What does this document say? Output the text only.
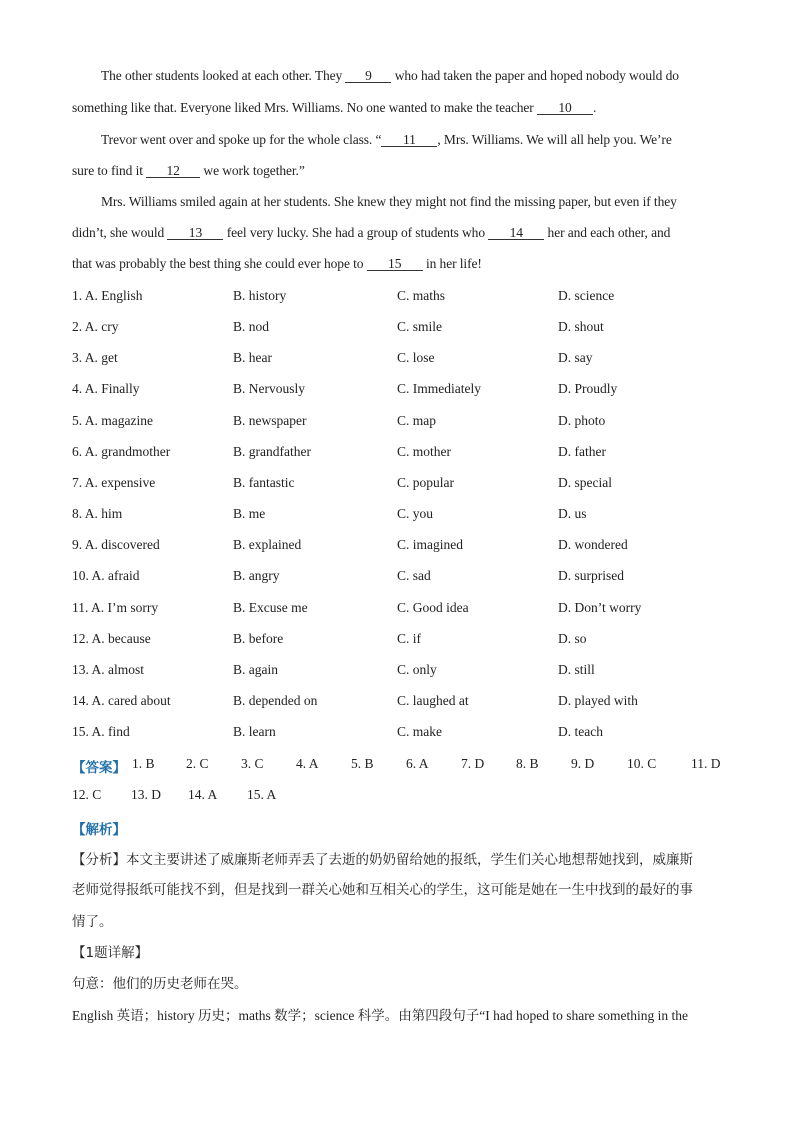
The other students looked at each other. They 9 who had taken the paper and hoped nobody would do
something like that. Everyone liked Mrs. Williams. No one wanted to make the teacher 10 .
Trevor went over and spoke up for the whole class. “ 11 , Mrs. Williams. We will all help you. We’re
sure to find it 12 we work together.”
Mrs. Williams smiled again at her students. She knew they might not find the missing paper, but even if they
didn’t, she would 13 feel very lucky. She had a group of students who 14 her and each other, and
that was probably the best thing she could ever hope to 15 in her life!
1. A. English	B. history	C. maths	D. science
2. A. cry	B. nod	C. smile	D. shout
3. A. get	B. hear	C. lose	D. say
4. A. Finally	B. Nervously	C. Immediately	D. Proudly
5. A. magazine	B. newspaper	C. map	D. photo
6. A. grandmother	B. grandfather	C. mother	D. father
7. A. expensive	B. fantastic	C. popular	D. special
8. A. him	B. me	C. you	D. us
9. A. discovered	B. explained	C. imagined	D. wondered
10. A. afraid	B. angry	C. sad	D. surprised
11. A. I’m sorry	B. Excuse me	C. Good idea	D. Don’t worry
12. A. because	B. before	C. if	D. so
13. A. almost	B. again	C. only	D. still
14. A. cared about	B. depended on	C. laughed at	D. played with
15. A. find	B. learn	C. make	D. teach
【答案】 1. B 2. C 3. C 4. A 5. B 6. A 7. D 8. B 9. D 10. C	11. D
12. C 13. D 14. A 15. A
【解析】
【分析】本文主要讲述了威廉斯老师弄丢了去逝的奶奶留给她的报纸，学生们关心地想帮她找到，威廉斯
老师觉得报纸可能找不到，但是找到一群关心她和互相关心的学生，这可能是她在一生中找到的最好的事
情了。
【1题详解】
句意：他们的历史老师在哭。
English 英语；history 历史；maths 数学；science 科学。由第四段句子“I had hoped to share something in the
